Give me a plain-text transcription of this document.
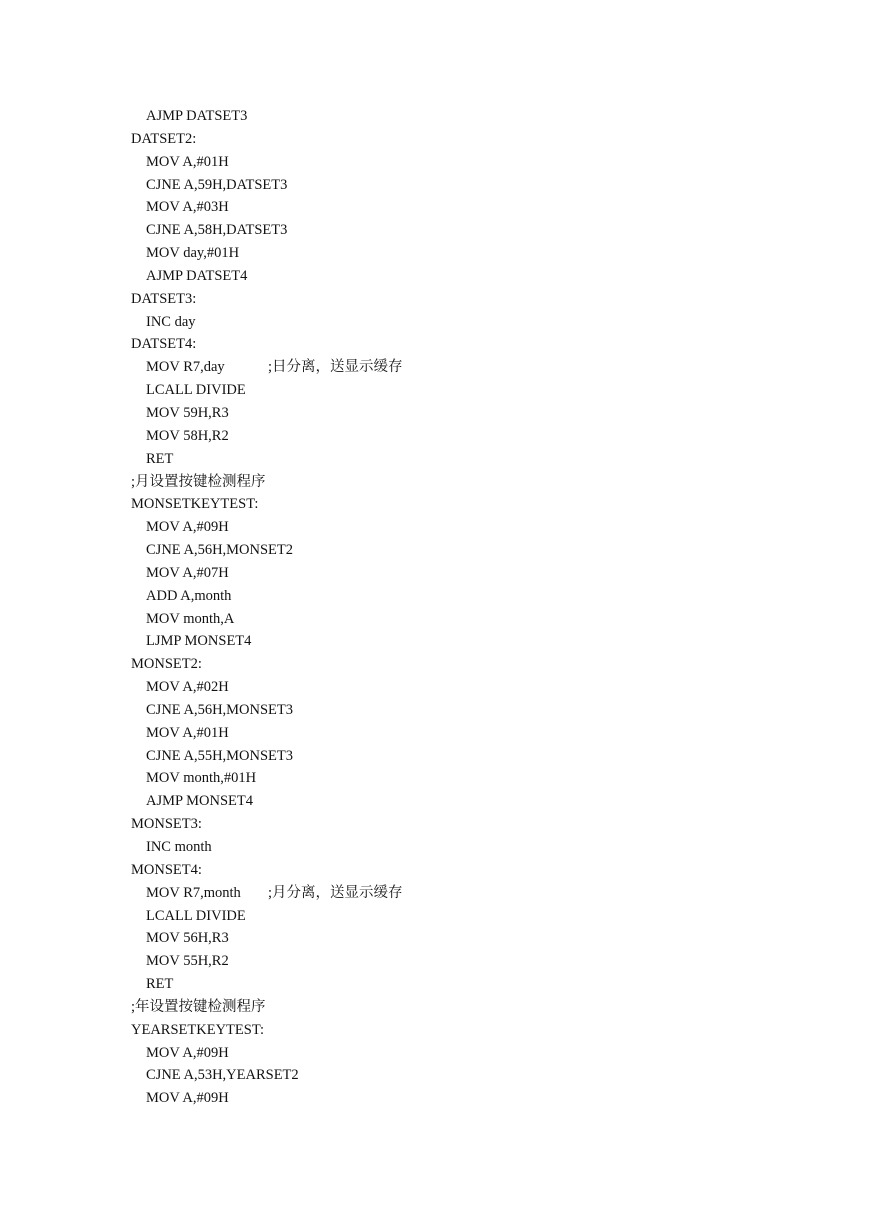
AJMP DATSET3
DATSET2:
MOV A,#01H
CJNE A,59H,DATSET3
MOV A,#03H
CJNE A,58H,DATSET3
MOV day,#01H
AJMP DATSET4
DATSET3:
INC day
DATSET4:
MOV R7,day	;日分离，送显示缓存
LCALL DIVIDE
MOV 59H,R3
MOV 58H,R2
RET
;月设置按键检测程序
MONSETKEYTEST:
MOV A,#09H
CJNE A,56H,MONSET2
MOV A,#07H
ADD A,month
MOV month,A
LJMP MONSET4
MONSET2:
MOV A,#02H
CJNE A,56H,MONSET3
MOV A,#01H
CJNE A,55H,MONSET3
MOV month,#01H
AJMP MONSET4
MONSET3:
INC month
MONSET4:
MOV R7,month ;月分离，送显示缓存
LCALL DIVIDE
MOV 56H,R3
MOV 55H,R2
RET
;年设置按键检测程序
YEARSETKEYTEST:
MOV A,#09H
CJNE A,53H,YEARSET2
MOV A,#09H
